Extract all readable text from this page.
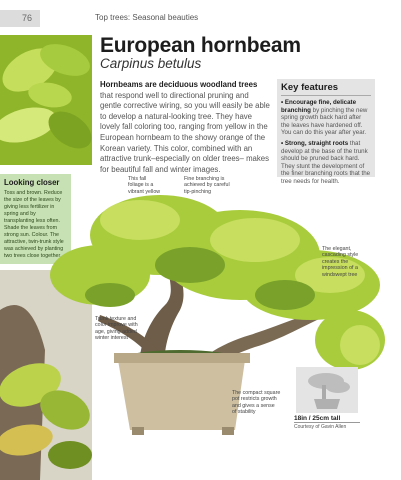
76	Top trees: Seasonal beauties
European hornbeam
Carpinus betulus
Hornbeams are deciduous woodland trees that respond well to directional pruning and gentle corrective wiring, so you will easily be able to develop a natural-looking tree. They have lovely fall coloring too, ranging from yellow in the European hornbeam to the showy orange of the Korean variety. This color, combined with an attractive trunk–especially on older trees– makes for beautiful fall and winter images.
Key features
• Encourage fine, delicate branching by pinching the new spring growth back hard after the leaves have hardened off. You can do this year after year.
• Strong, straight roots that develop at the base of the trunk should be pruned back hard. They stunt the development of the finer branching roots that the tree needs for health.
Looking closer

Toss and brown. Reduce the size of the leaves by giving less fertilizer in spring and by transplanting less often. Shade the leaves from strong sun. Colour. The attractive, twin-trunk style was achieved by planting two trees close together.

This fall
foliage is a
vibrant yellow
Fine branching is
achieved by careful
tip-pinching
The elegant,
cascading style
creates the
impression of a
windswept tree
Trunk texture and
color improve with
age, giving added
winter interest
The compact square
pot restricts growth
and gives a sense
of stability
18in / 25cm tall
Courtesy of Gavin Allen
